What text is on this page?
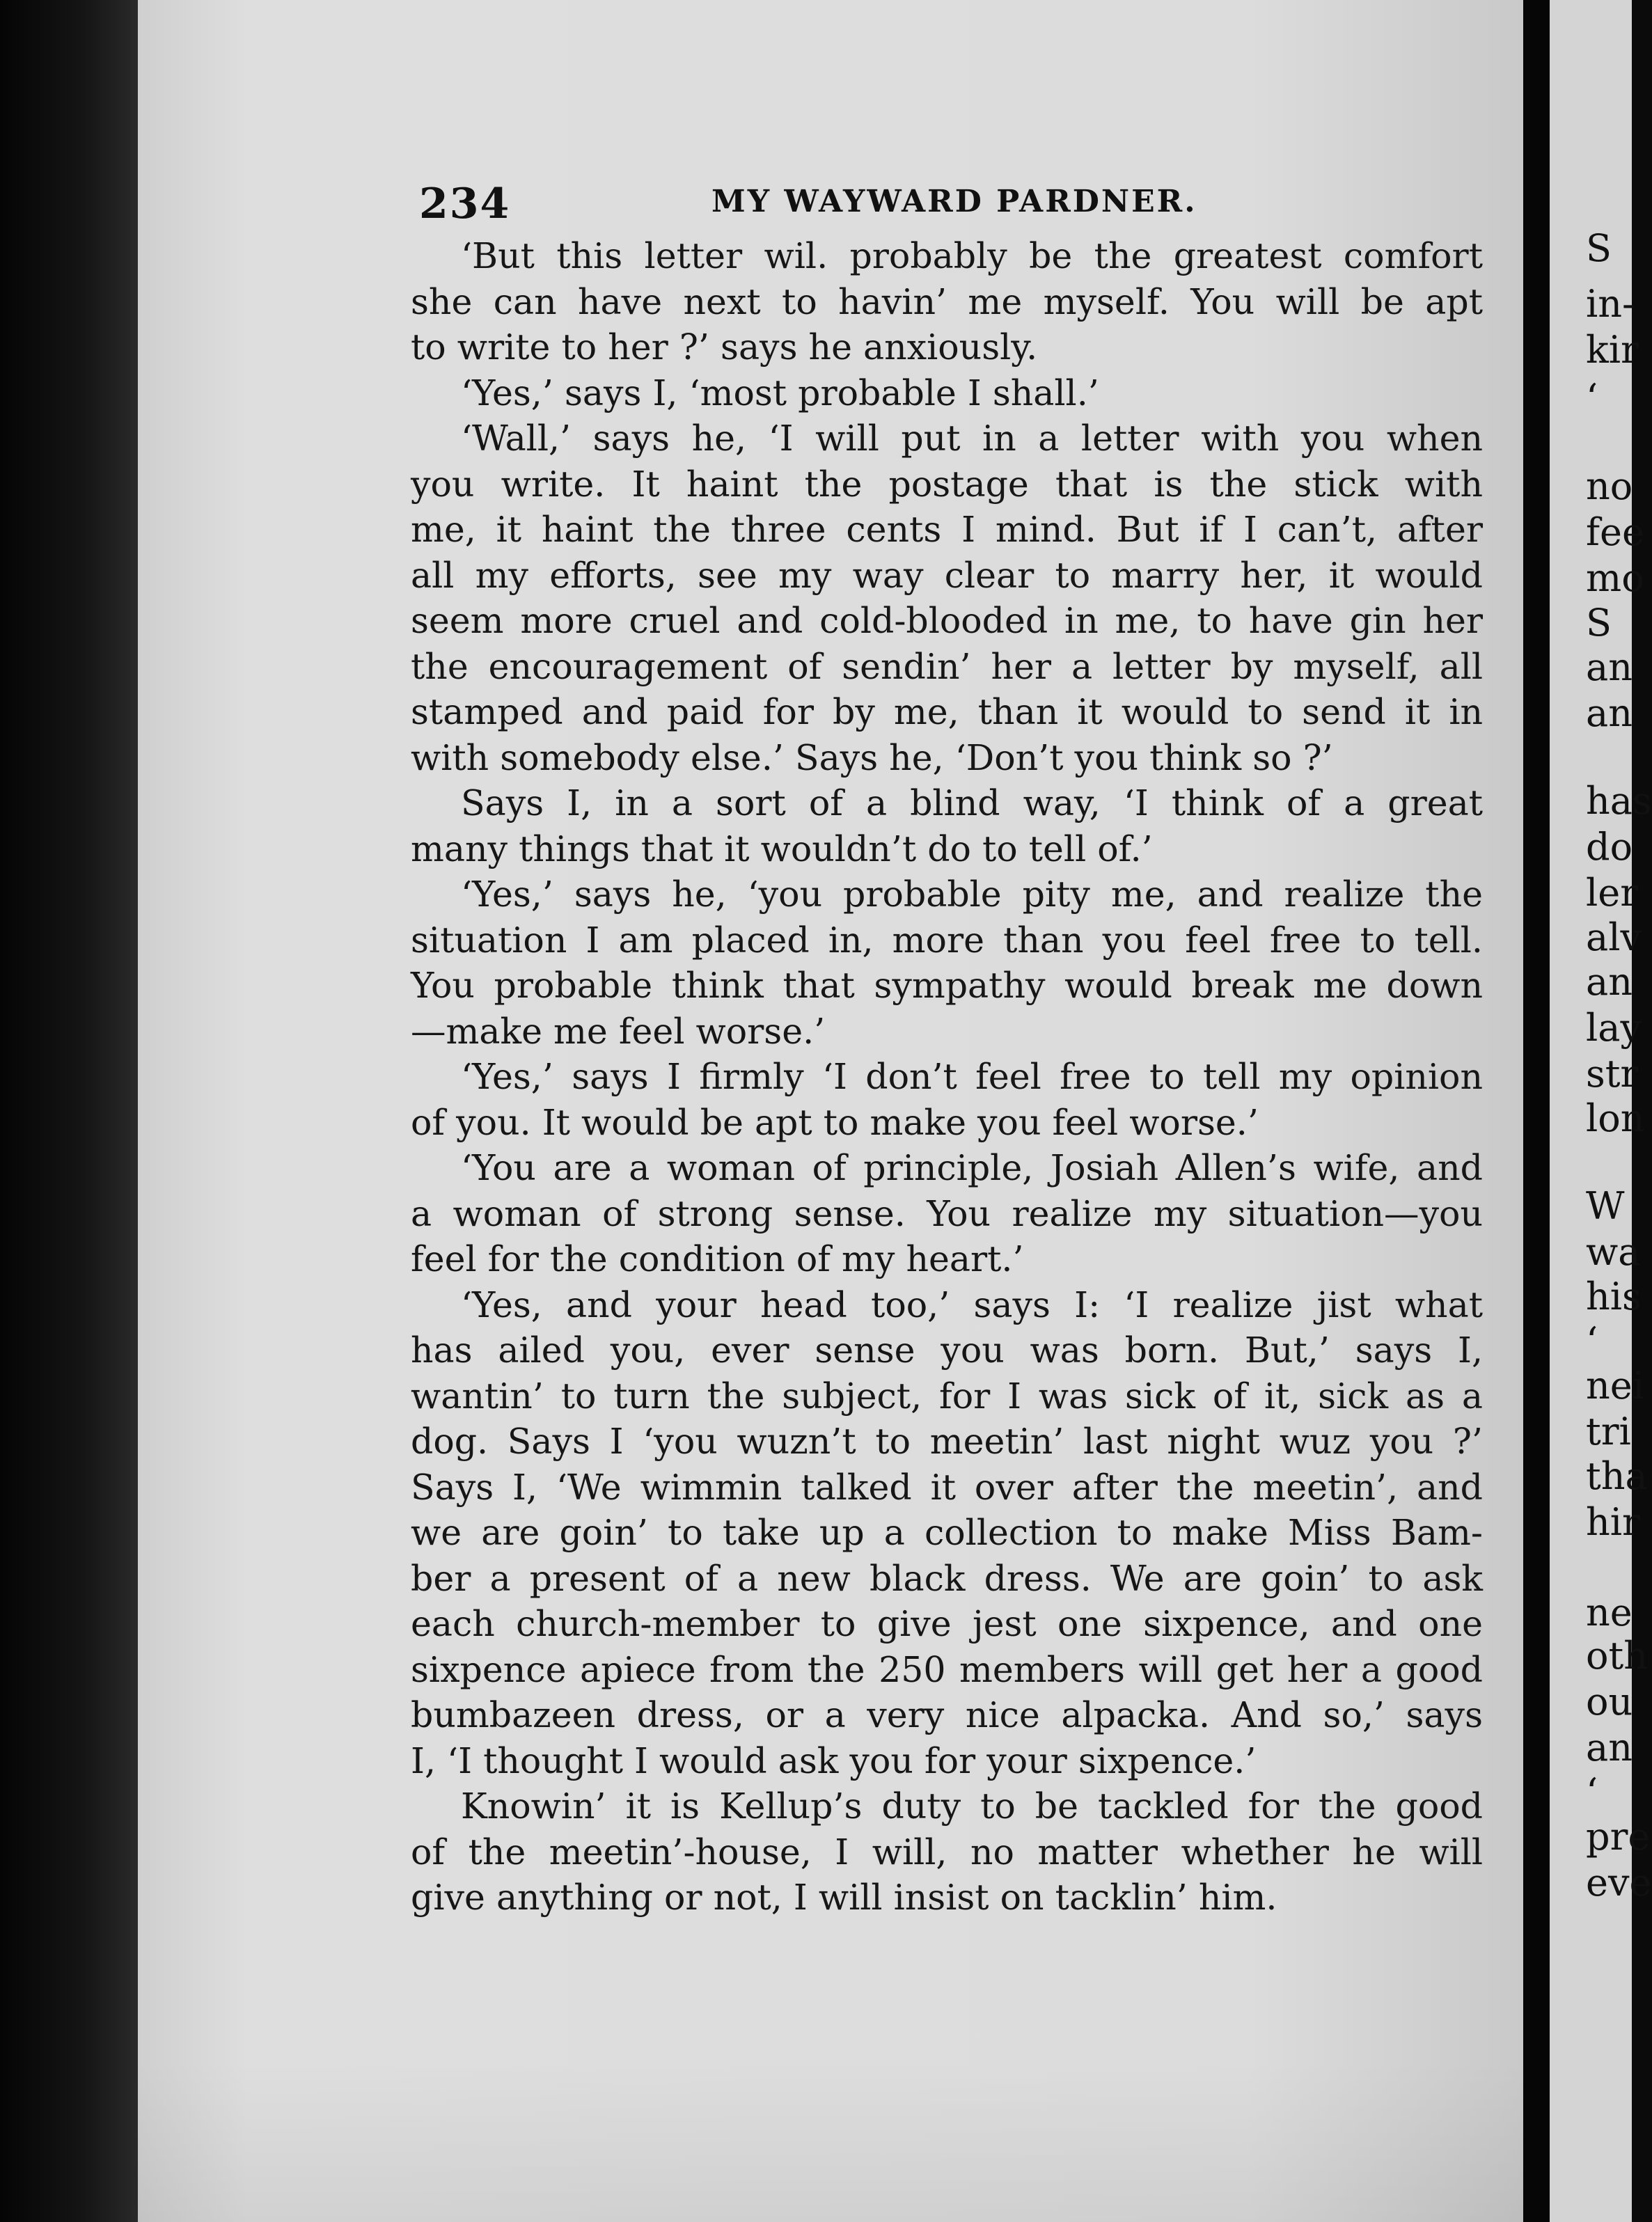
234	MY WAYWARD PARDNER.
‘But this letter wil. probably be the greatest comfort
she can have next to havin’ me myself. You will be apt
to write to her ?’ says he anxiously.
‘Yes,’ says I, ‘most probable I shall.’
‘Wall,’ says he, ‘I will put in a letter with you when
you write. It haint the postage that is the stick with
me, it haint the three cents I mind. But if I can’t, after
all my efforts, see my way clear to marry her, it would
seem more cruel and cold-blooded in me, to have gin her
the encouragement of sendin’ her a letter by myself, all
stamped and paid for by me, than it would to send it in
with somebody else.’ Says he, ‘Don’t you think so ?’
Says I, in a sort of a blind way, ‘I think of a great
many things that it wouldn’t do to tell of.’
‘Yes,’ says he, ‘you probable pity me, and realize the
situation I am placed in, more than you feel free to tell.
You probable think that sympathy would break me down
—make me feel worse.’
‘Yes,’ says I firmly ‘I don’t feel free to tell my opinion
of you. It would be apt to make you feel worse.’
‘You are a woman of principle, Josiah Allen’s wife, and
a woman of strong sense. You realize my situation—you
feel for the condition of my heart.’
‘Yes, and your head too,’ says I: ‘I realize jist what
has ailed you, ever sense you was born. But,’ says I,
wantin’ to turn the subject, for I was sick of it, sick as a
dog. Says I ‘you wuzn’t to meetin’ last night wuz you ?’
Says I, ‘We wimmin talked it over after the meetin’, and
we are goin’ to take up a collection to make Miss Bam-
ber a present of a new black dress. We are goin’ to ask
each church-member to give jest one sixpence, and one
sixpence apiece from the 250 members will get her a good
bumbazeen dress, or a very nice alpacka. And so,’ says
I, ‘I thought I would ask you for your sixpence.’
Knowin’ it is Kellup’s duty to be tackled for the good
of the meetin’-house, I will, no matter whether he will
give anything or not, I will insist on tacklin’ him.
S
in-
kir
‘
no
fee
mo
S
an
an
has
do
ler
alv
an
lay
str
lon
W
wa
his
‘
nei
tri
tha
hir
ne
oth
ou
an
‘
pre
eve
